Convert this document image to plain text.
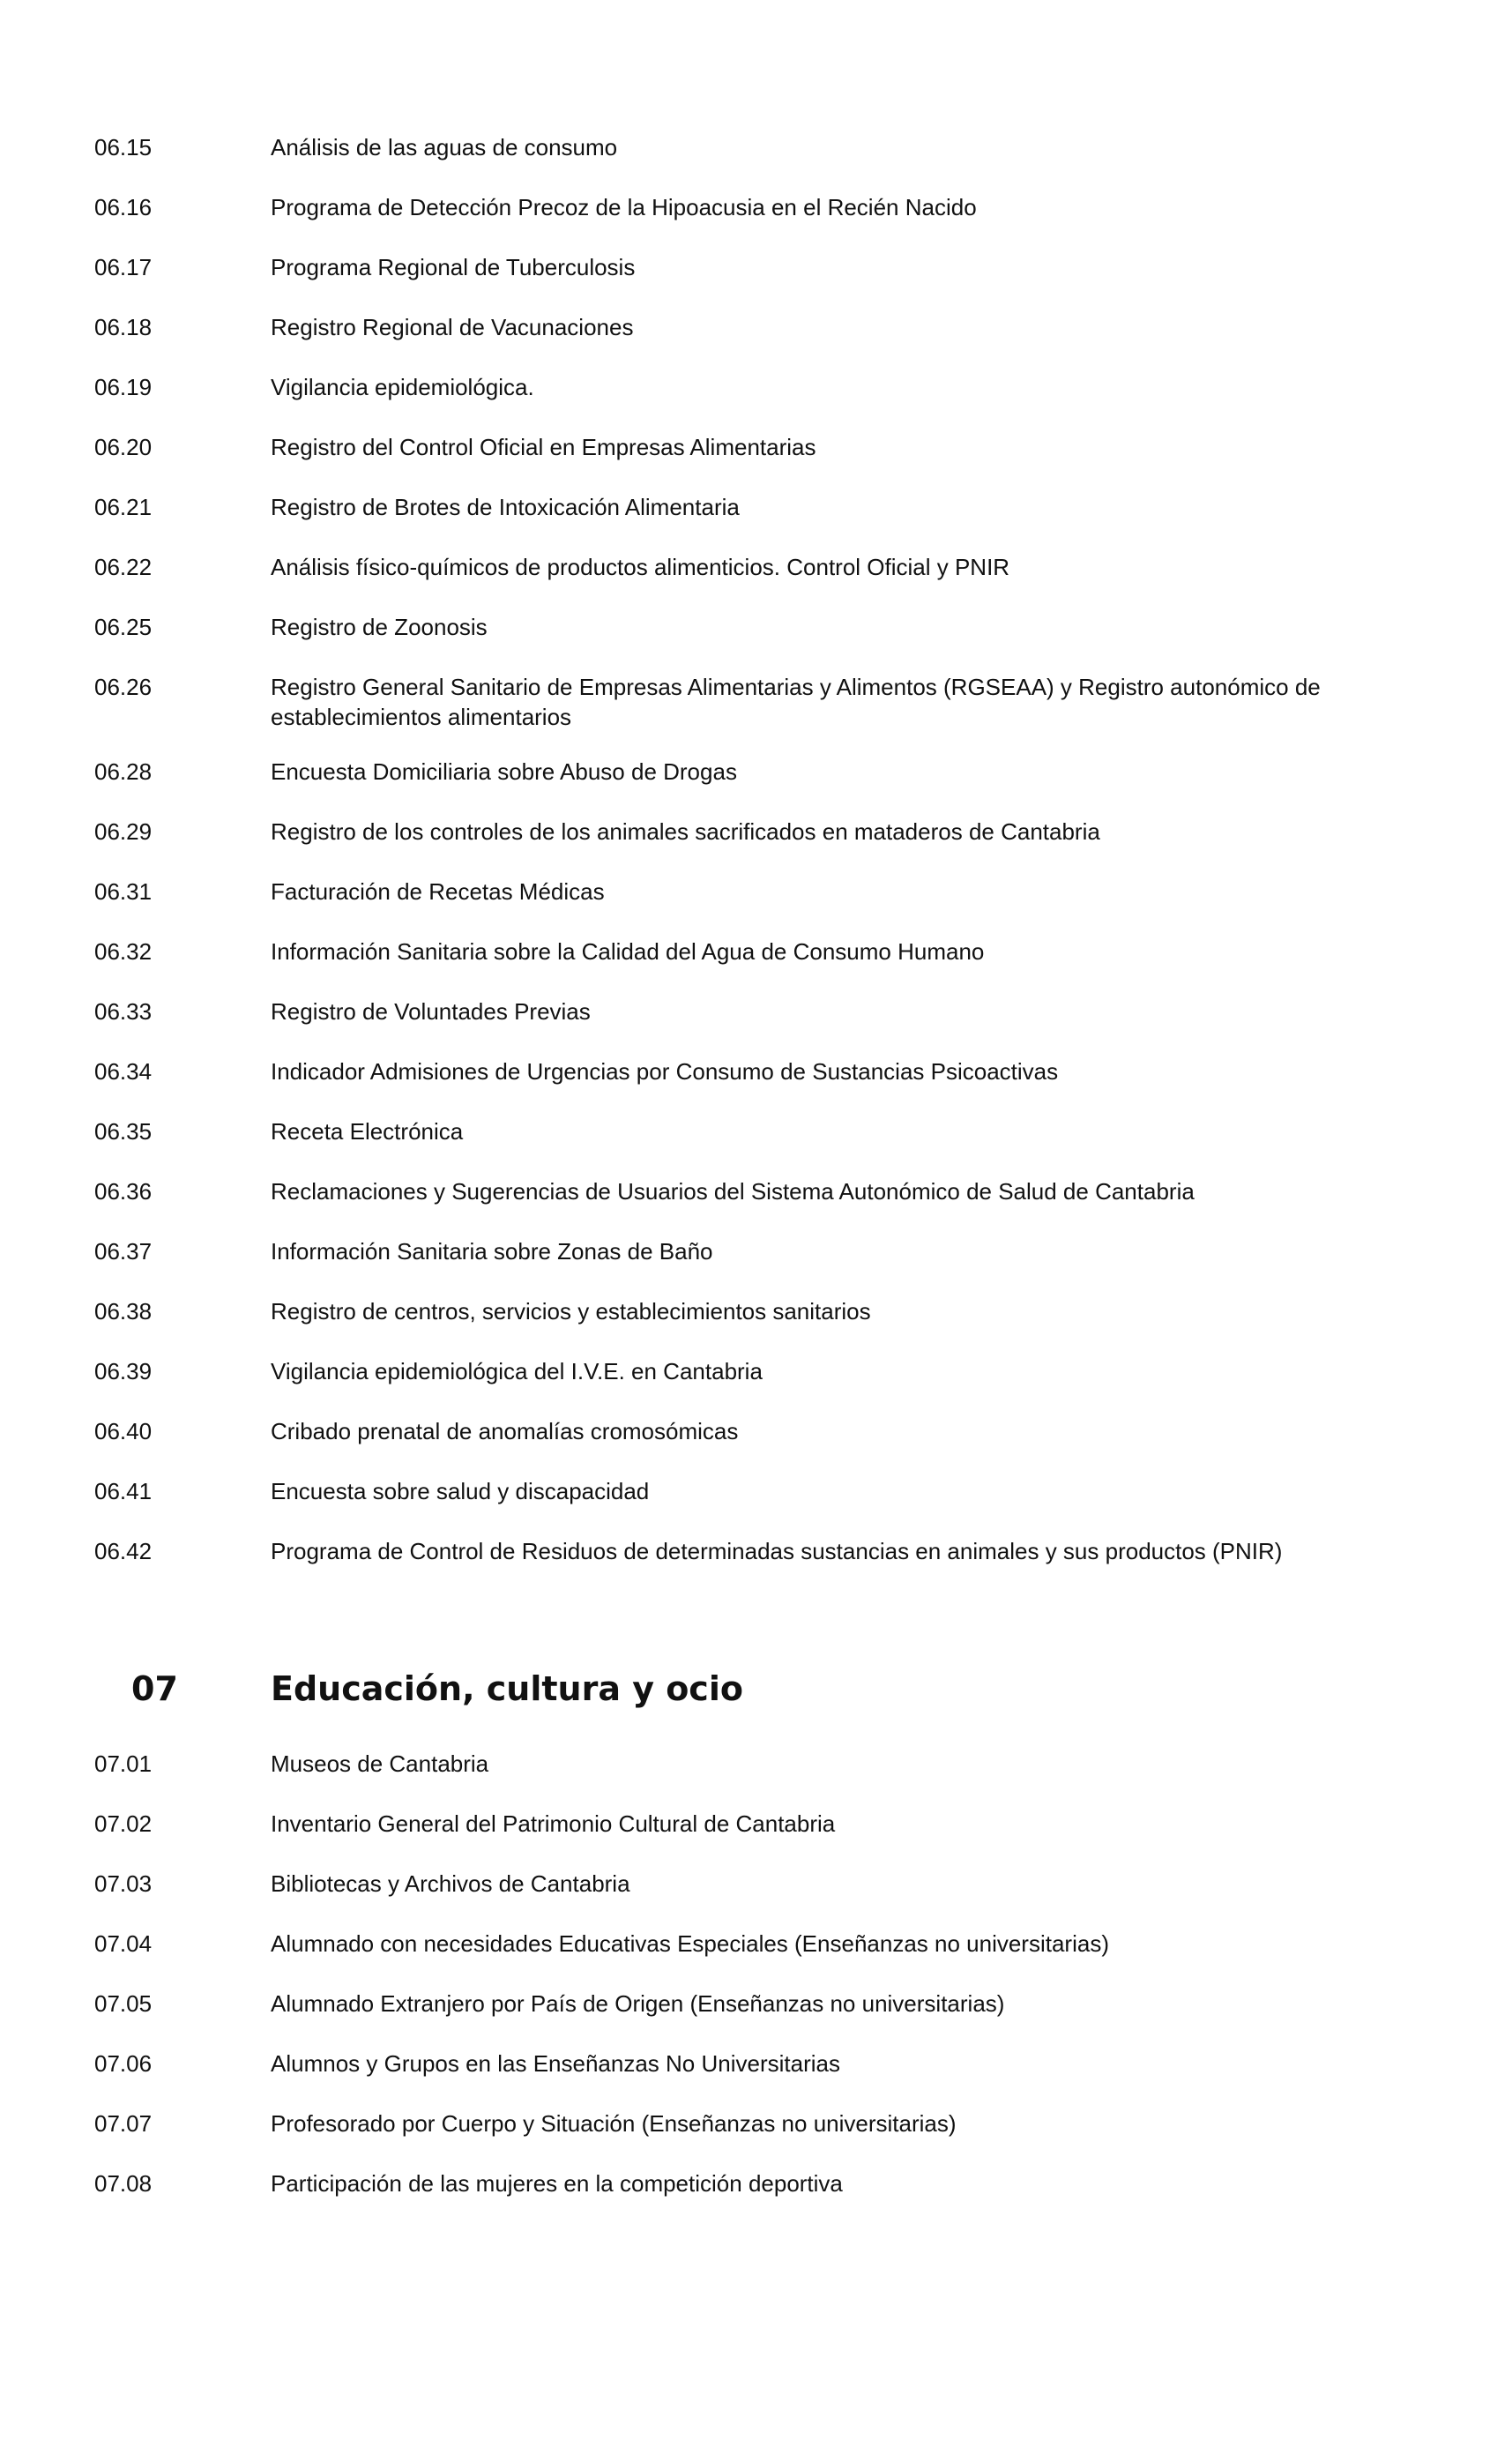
06.15	Análisis de las aguas de consumo
06.16	Programa de Detección Precoz de la Hipoacusia en el Recién Nacido
06.17	Programa Regional de Tuberculosis
06.18	Registro Regional de Vacunaciones
06.19	Vigilancia epidemiológica.
06.20	Registro del Control Oficial en Empresas Alimentarias
06.21	Registro de Brotes de Intoxicación Alimentaria
06.22	Análisis físico-químicos de productos alimenticios. Control Oficial y PNIR
06.25	Registro de Zoonosis
06.26	Registro General Sanitario de Empresas Alimentarias y Alimentos (RGSEAA) y Registro autonómico de establecimientos alimentarios
06.28	Encuesta Domiciliaria sobre Abuso de Drogas
06.29	Registro de los controles de los animales sacrificados en mataderos de Cantabria
06.31	Facturación de Recetas Médicas
06.32	Información Sanitaria sobre la Calidad del Agua de Consumo Humano
06.33	Registro de Voluntades Previas
06.34	Indicador Admisiones de Urgencias por Consumo de Sustancias Psicoactivas
06.35	Receta Electrónica
06.36	Reclamaciones y Sugerencias de Usuarios del Sistema Autonómico de Salud de Cantabria
06.37	Información Sanitaria sobre Zonas de Baño
06.38	Registro de centros, servicios y establecimientos sanitarios
06.39	Vigilancia epidemiológica del I.V.E. en Cantabria
06.40	Cribado prenatal de anomalías cromosómicas
06.41	Encuesta sobre salud y discapacidad
06.42	Programa de Control de Residuos de determinadas sustancias en animales y sus productos (PNIR)
07	Educación, cultura y ocio
07.01	Museos de Cantabria
07.02	Inventario General del Patrimonio Cultural de Cantabria
07.03	Bibliotecas y Archivos de Cantabria
07.04	Alumnado con necesidades Educativas Especiales (Enseñanzas no universitarias)
07.05	Alumnado Extranjero por País de Origen (Enseñanzas no universitarias)
07.06	Alumnos y Grupos en las Enseñanzas No Universitarias
07.07	Profesorado por Cuerpo y Situación (Enseñanzas no universitarias)
07.08	Participación de las mujeres en la competición deportiva
